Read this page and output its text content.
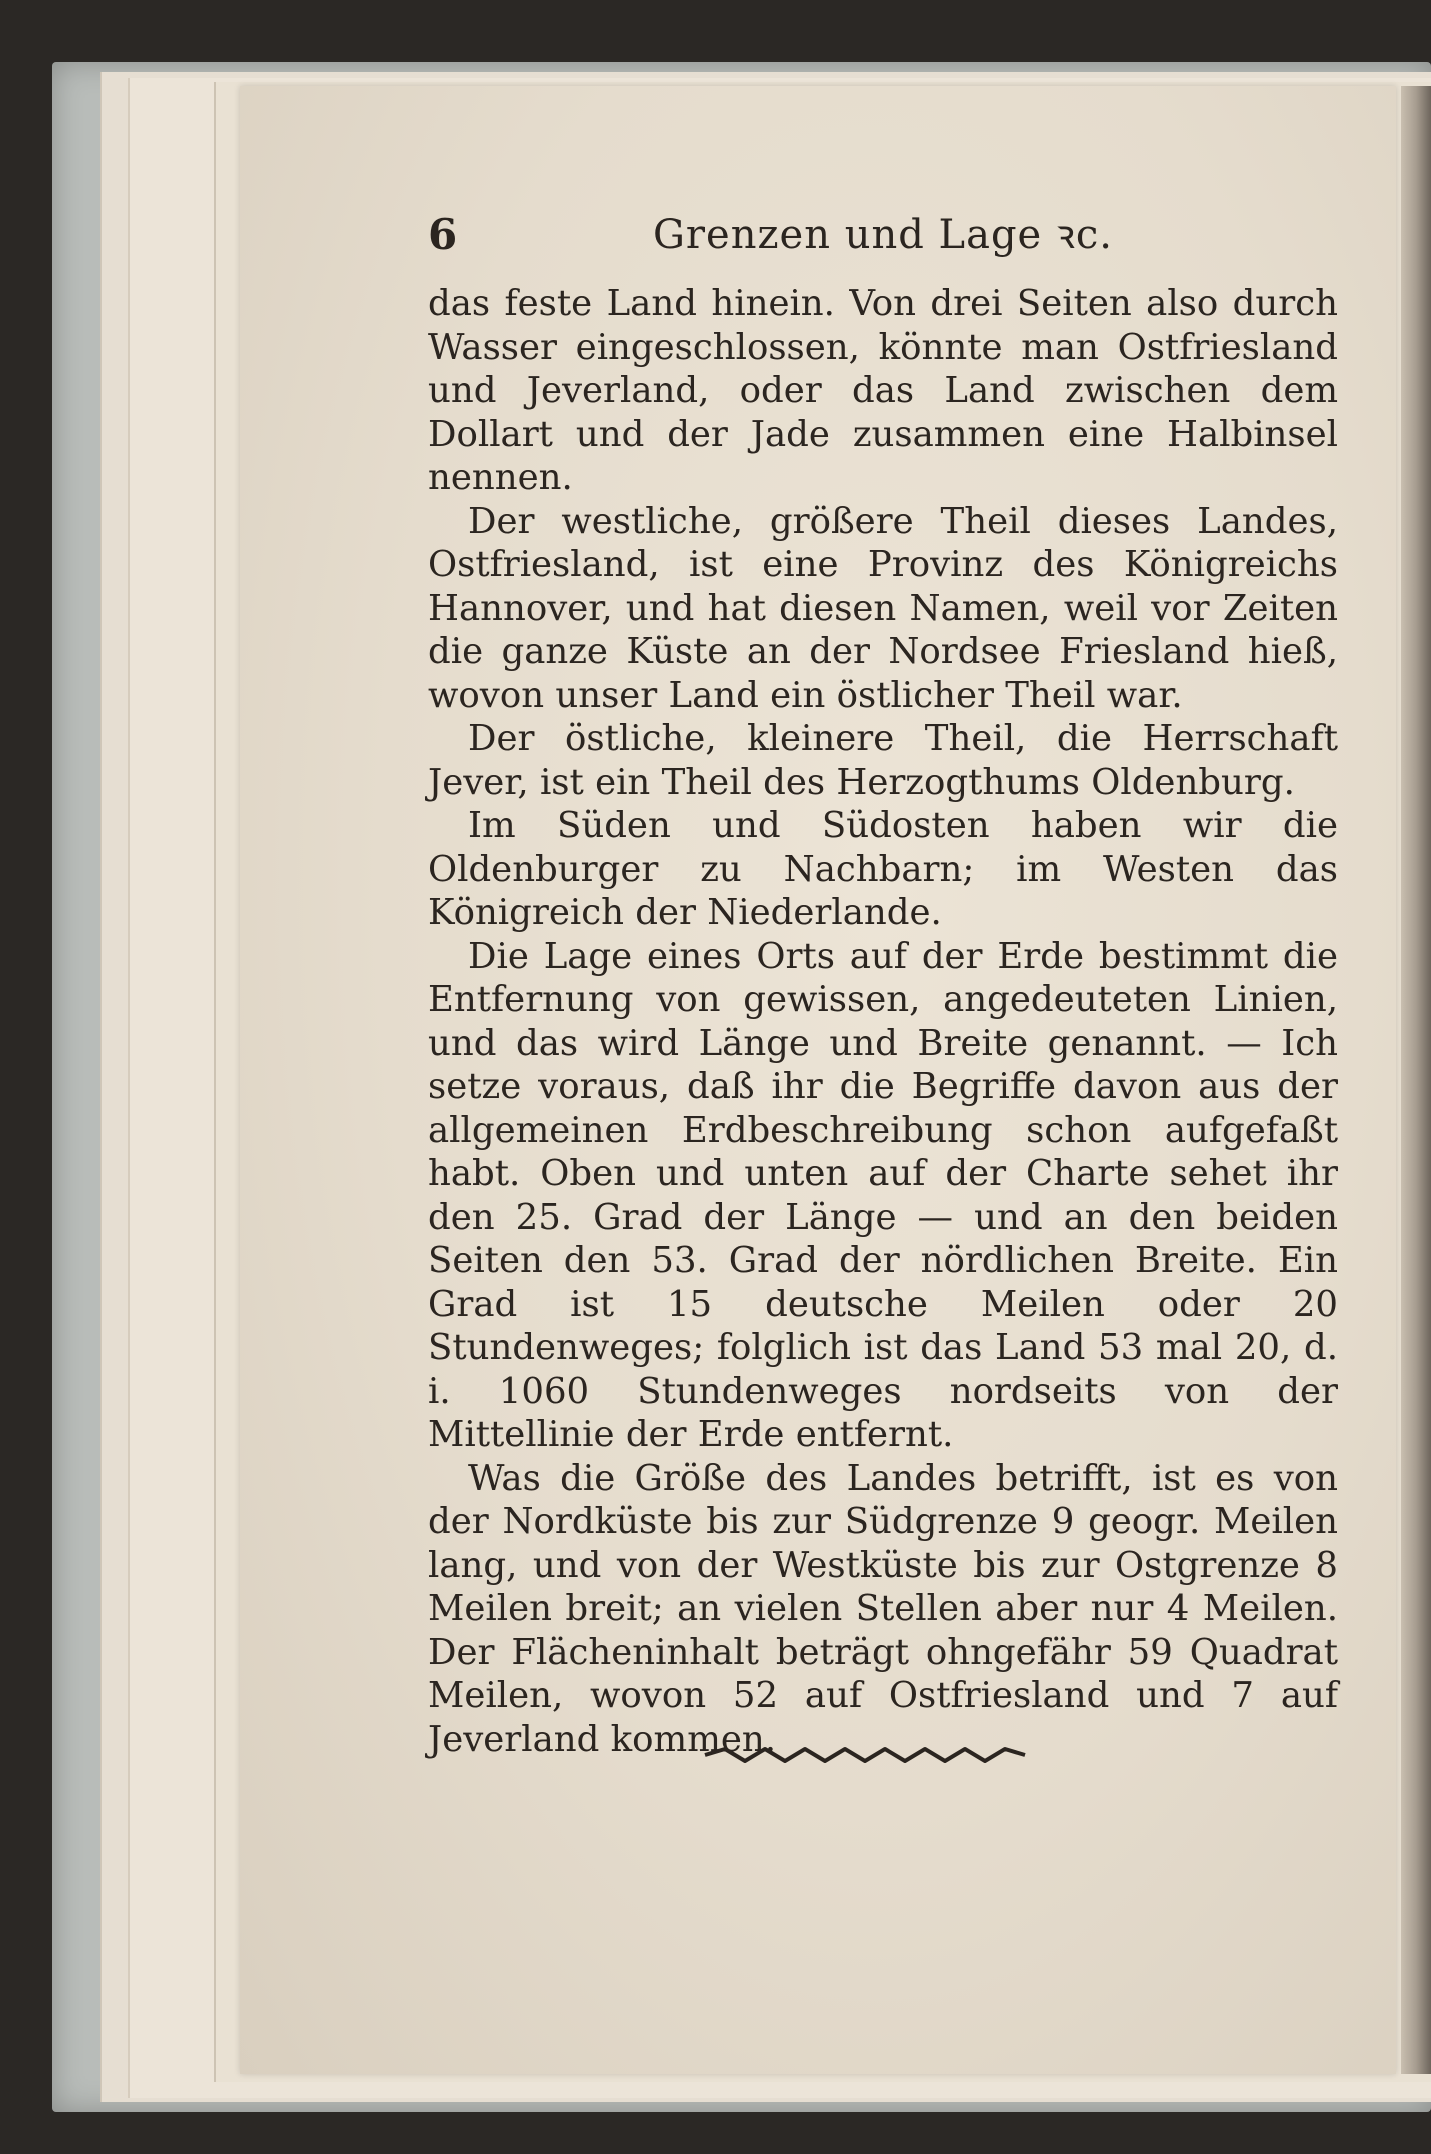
6	Grenzen und Lage ꝛc.

das feste Land hinein. Von drei Seiten also durch Wasser eingeschlossen, könnte man Ostfriesland und Jeverland, oder das Land zwischen dem Dollart und der Jade zusammen eine Halbinsel nennen.

Der westliche, größere Theil dieses Landes, Ostfriesland, ist eine Provinz des Königreichs Hannover, und hat diesen Namen, weil vor Zeiten die ganze Küste an der Nordsee Friesland hieß, wovon unser Land ein östlicher Theil war.

Der östliche, kleinere Theil, die Herrschaft Jever, ist ein Theil des Herzogthums Oldenburg.

Im Süden und Südosten haben wir die Oldenburger zu Nachbarn; im Westen das Königreich der Niederlande.

Die Lage eines Orts auf der Erde bestimmt die Entfernung von gewissen, angedeuteten Linien, und das wird Länge und Breite genannt. — Ich setze voraus, daß ihr die Begriffe davon aus der allgemeinen Erdbeschreibung schon aufgefaßt habt. Oben und unten auf der Charte sehet ihr den 25. Grad der Länge — und an den beiden Seiten den 53. Grad der nördlichen Breite. Ein Grad ist 15 deutsche Meilen oder 20 Stundenweges; folglich ist das Land 53 mal 20, d. i. 1060 Stundenweges nordseits von der Mittellinie der Erde entfernt.

Was die Größe des Landes betrifft, ist es von der Nordküste bis zur Südgrenze 9 geogr. Meilen lang, und von der Westküste bis zur Ostgrenze 8 Meilen breit; an vielen Stellen aber nur 4 Meilen. Der Flächeninhalt beträgt ohngefähr 59 Quadrat Meilen, wovon 52 auf Ostfriesland und 7 auf Jeverland kommen.
